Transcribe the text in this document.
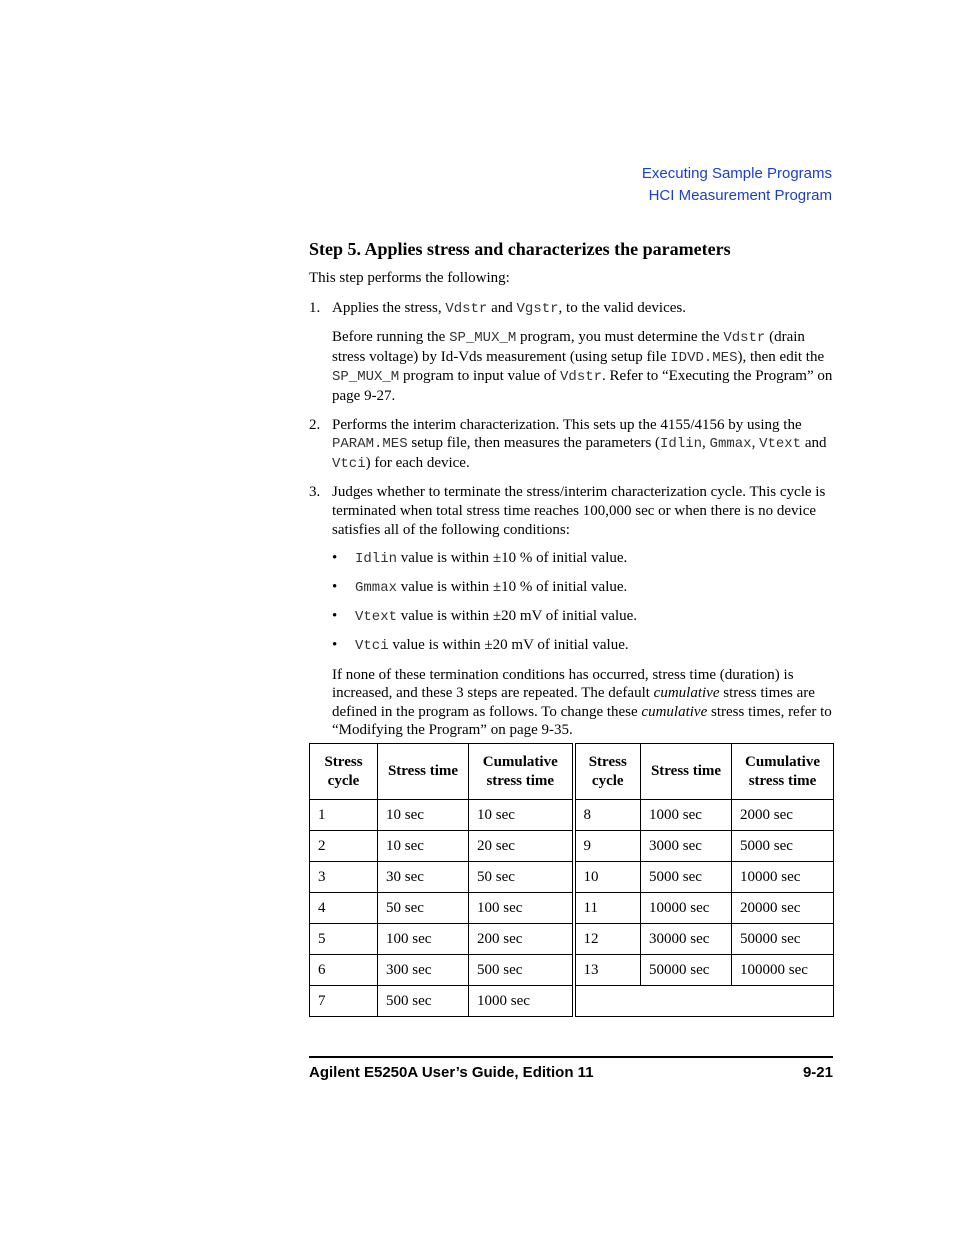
Executing Sample Programs
HCI Measurement Program
Step 5. Applies stress and characterizes the parameters
This step performs the following:
1. Applies the stress, Vdstr and Vgstr, to the valid devices.
Before running the SP_MUX_M program, you must determine the Vdstr (drain stress voltage) by Id-Vds measurement (using setup file IDVD.MES), then edit the SP_MUX_M program to input value of Vdstr. Refer to “Executing the Program” on page 9-27.
2. Performs the interim characterization. This sets up the 4155/4156 by using the PARAM.MES setup file, then measures the parameters (Idlin, Gmmax, Vtext and Vtci) for each device.
3. Judges whether to terminate the stress/interim characterization cycle. This cycle is terminated when total stress time reaches 100,000 sec or when there is no device satisfies all of the following conditions:
• Idlin value is within ±10 % of initial value.
• Gmmax value is within ±10 % of initial value.
• Vtext value is within ±20 mV of initial value.
• Vtci value is within ±20 mV of initial value.
If none of these termination conditions has occurred, stress time (duration) is increased, and these 3 steps are repeated. The default cumulative stress times are defined in the program as follows. To change these cumulative stress times, refer to “Modifying the Program” on page 9-35.
Stress cycle	Stress time	Cumulative stress time	Stress cycle	Stress time	Cumulative stress time
1	10 sec	10 sec	8	1000 sec	2000 sec
2	10 sec	20 sec	9	3000 sec	5000 sec
3	30 sec	50 sec	10	5000 sec	10000 sec
4	50 sec	100 sec	11	10000 sec	20000 sec
5	100 sec	200 sec	12	30000 sec	50000 sec
6	300 sec	500 sec	13	50000 sec	100000 sec
7	500 sec	1000 sec			
Agilent E5250A User’s Guide, Edition 11	9-21
